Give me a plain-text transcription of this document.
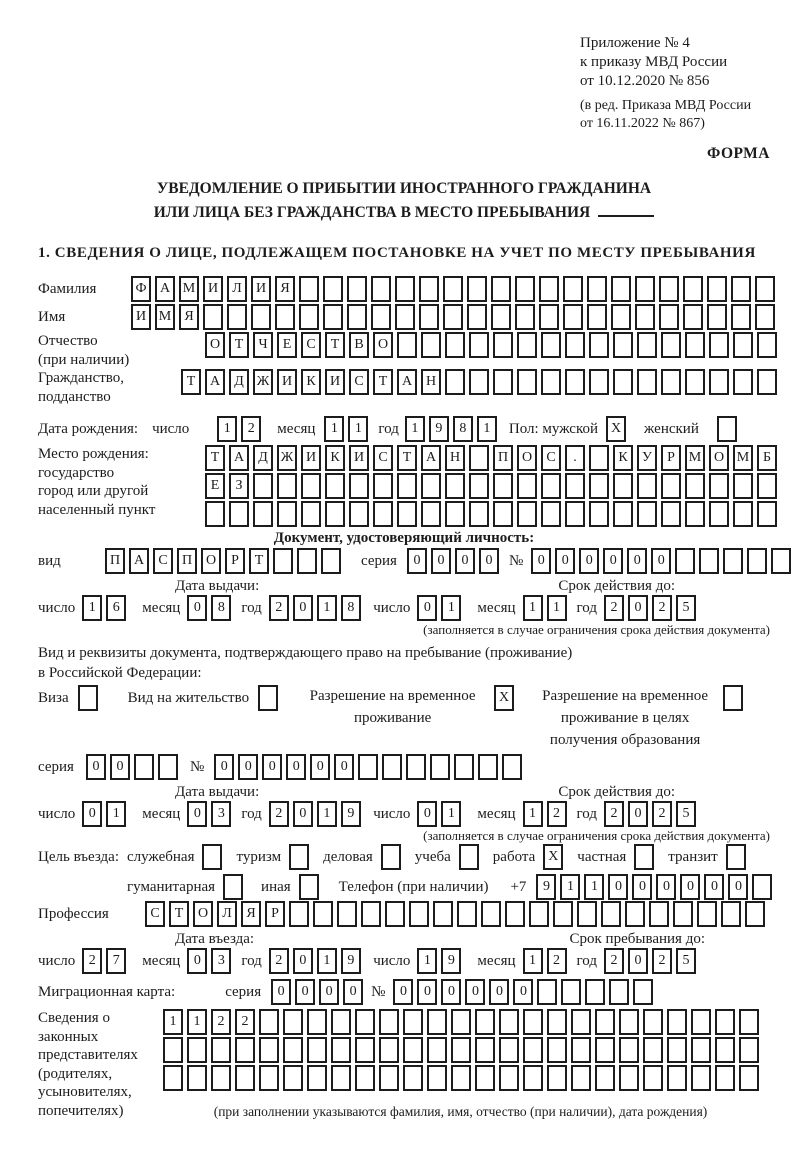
Приложение № 4
к приказу МВД России
от 10.12.2020 № 856
(в ред. Приказа МВД России
от 16.11.2022 № 867)
ФОРМА
УВЕДОМЛЕНИЕ О ПРИБЫТИИ ИНОСТРАННОГО ГРАЖДАНИНА
ИЛИ ЛИЦА БЕЗ ГРАЖДАНСТВА В МЕСТО ПРЕБЫВАНИЯ
1. СВЕДЕНИЯ О ЛИЦЕ, ПОДЛЕЖАЩЕМ ПОСТАНОВКЕ НА УЧЕТ ПО МЕСТУ ПРЕБЫВАНИЯ
Фамилия	Ф А М И	Л	И	Я
Имя	И М Я
Отчество
(при наличии)
О	Т	Ч	Е	С	Т	В	О
Гражданство,
подданство
Т	А	Д Ж И	К	И	С	Т	А Н
Дата рождения: число	1	2	месяц	1	1	год 1	9	8	1	Пол: мужской X	женский
Место рождения:
государство
город или другой
населенный пункт
Т	А	Д Ж И	К	И	С	Т	А Н	П О	С	.	К	У	Р М О М Б
Е	З
Документ, удостоверяющий личность:
вид	П А	С	П О	Р	Т	серия	0	0	0	0	№	0	0	0	0	0	0
Дата выдачи:	Срок действия до:
число 1	6	месяц 0	8	год 2	0	1	8	число 0	1	месяц 1	1	год 2	0	2	5
(заполняется в случае ограничения срока действия документа)
Вид и реквизиты документа, подтверждающего право на пребывание (проживание)
в Российской Федерации:
Виза	Вид на жительство	Разрешение на временное проживание
X	Разрешение на временное проживание в целях получения образования
серия	0	0	№	0	0	0	0	0	0
Дата выдачи:	Срок действия до:
число 0	1	месяц 0	3	год 2	0	1	9	число 0	1	месяц 1	2	год 2	0	2	5
(заполняется в случае ограничения срока действия документа)
Цель въезда: служебная	туризм	деловая	учеба	работа X	частная	транзит
гуманитарная	иная	Телефон (при наличии) +7	9	1	1	0	0	0	0	0	0
Профессия	С	Т	О	Л	Я	Р
Дата въезда:	Срок пребывания до:
число 2	7	месяц 0	3	год 2	0	1	9	число 1	9	месяц 1	2	год 2	0	2	5
Миграционная карта:	серия	0	0	0	0 №	0	0	0	0	0	0
Сведения о
законных
представителях
(родителях,
усыновителях,
попечителях)
1	1	2	2
(при заполнении указываются фамилия, имя, отчество (при наличии), дата рождения)
